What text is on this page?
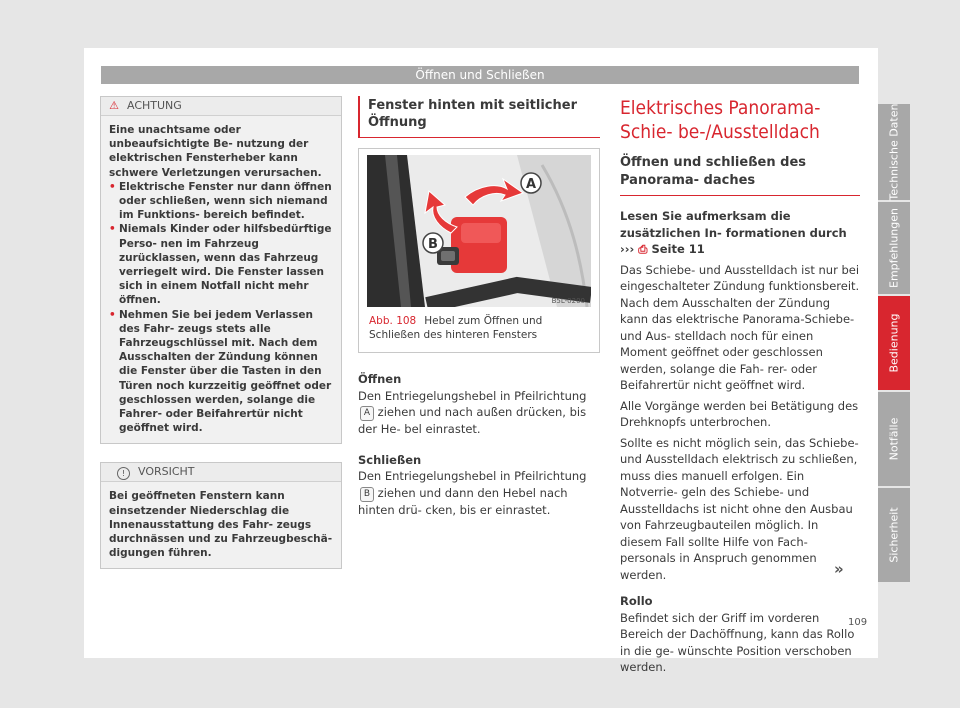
Öffnen und Schließen
⚠ ACHTUNG

Eine unachtsame oder unbeaufsichtigte Be- nutzung der elektrischen Fensterheber kann schwere Verletzungen verursachen.

• Elektrische Fenster nur dann öffnen oder schließen, wenn sich niemand im Funktions- bereich befindet.
• Niemals Kinder oder hilfsbedürftige Perso- nen im Fahrzeug zurücklassen, wenn das Fahrzeug verriegelt wird. Die Fenster lassen sich in einem Notfall nicht mehr öffnen.
• Nehmen Sie bei jedem Verlassen des Fahr- zeugs stets alle Fahrzeugschlüssel mit. Nach dem Ausschalten der Zündung können die Fenster über die Tasten in den Türen noch kurzzeitig geöffnet oder geschlossen werden, solange die Fahrer- oder Beifahrertür nicht geöffnet wird.
! VORSICHT

Bei geöffneten Fenstern kann einsetzender Niederschlag die Innenausstattung des Fahr- zeugs durchnässen und zu Fahrzeugbeschä- digungen führen.

Fenster hinten mit seitlicher Öffnung
A
B
B5L-0200
Abb. 108 Hebel zum Öffnen und Schließen des hinteren Fensters

Öffnen

Den Entriegelungshebel in Pfeilrichtung A ziehen und nach außen drücken, bis der He- bel einrastet.

Schließen

Den Entriegelungshebel in Pfeilrichtung B ziehen und dann den Hebel nach hinten drü- cken, bis er einrastet.

Elektrisches Panorama-Schie- be-/Ausstelldach
Öffnen und schließen des Panorama- daches

Lesen Sie aufmerksam die zusätzlichen In- formationen durch ››› ⎙ Seite 11

Das Schiebe- und Ausstelldach ist nur bei eingeschalteter Zündung funktionsbereit. Nach dem Ausschalten der Zündung kann das elektrische Panorama-Schiebe- und Aus- stelldach noch für einen Moment geöffnet oder geschlossen werden, solange die Fah- rer- oder Beifahrertür nicht geöffnet wird.

Alle Vorgänge werden bei Betätigung des Drehknopfs unterbrochen.

Sollte es nicht möglich sein, das Schiebe- und Ausstelldach elektrisch zu schließen, muss dies manuell erfolgen. Ein Notverrie- geln des Schiebe- und Ausstelldachs ist nicht ohne den Ausbau von Fahrzeugbauteilen möglich. In diesem Fall sollte Hilfe von Fach- personals in Anspruch genommen werden.

Rollo

Befindet sich der Griff im vorderen Bereich der Dachöffnung, kann das Rollo in die ge- wünschte Position verschoben werden.

»
Technische Daten
Empfehlungen
Bedienung
Notfälle
Sicherheit
109
